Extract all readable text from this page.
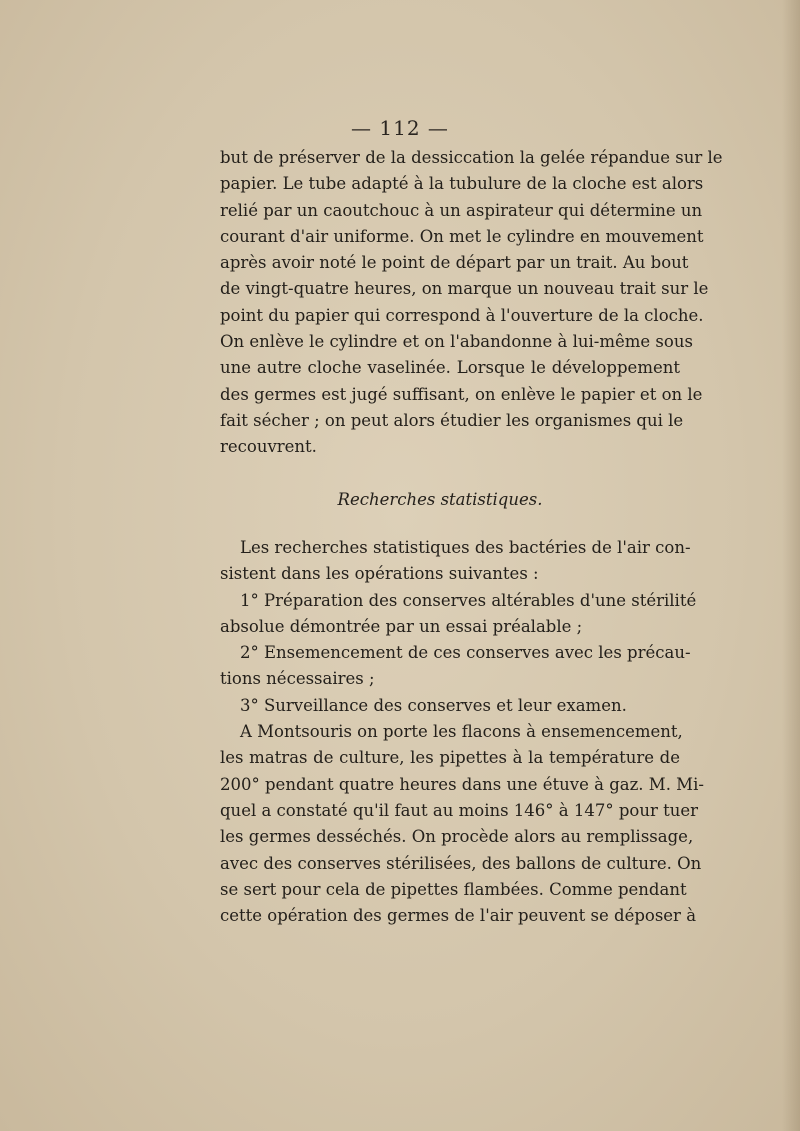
— 112 —
but de préserver de la dessiccation la gelée répandue sur le
papier. Le tube adapté à la tubulure de la cloche est alors
relié par un caoutchouc à un aspirateur qui détermine un
courant d'air uniforme. On met le cylindre en mouvement
après avoir noté le point de départ par un trait. Au bout
de vingt-quatre heures, on marque un nouveau trait sur le
point du papier qui correspond à l'ouverture de la cloche.
On enlève le cylindre et on l'abandonne à lui-même sous
une autre cloche vaselinée. Lorsque le développement
des germes est jugé suffisant, on enlève le papier et on le
fait sécher ; on peut alors étudier les organismes qui le
recouvrent.
Recherches statistiques.
Les recherches statistiques des bactéries de l'air con-
sistent dans les opérations suivantes :
1° Préparation des conserves altérables d'une stérilité
absolue démontrée par un essai préalable ;
2° Ensemencement de ces conserves avec les précau-
tions nécessaires ;
3° Surveillance des conserves et leur examen.
A Montsouris on porte les flacons à ensemencement,
les matras de culture, les pipettes à la température de
200° pendant quatre heures dans une étuve à gaz. M. Mi-
quel a constaté qu'il faut au moins 146° à 147° pour tuer
les germes desséchés. On procède alors au remplissage,
avec des conserves stérilisées, des ballons de culture. On
se sert pour cela de pipettes flambées. Comme pendant
cette opération des germes de l'air peuvent se déposer à
